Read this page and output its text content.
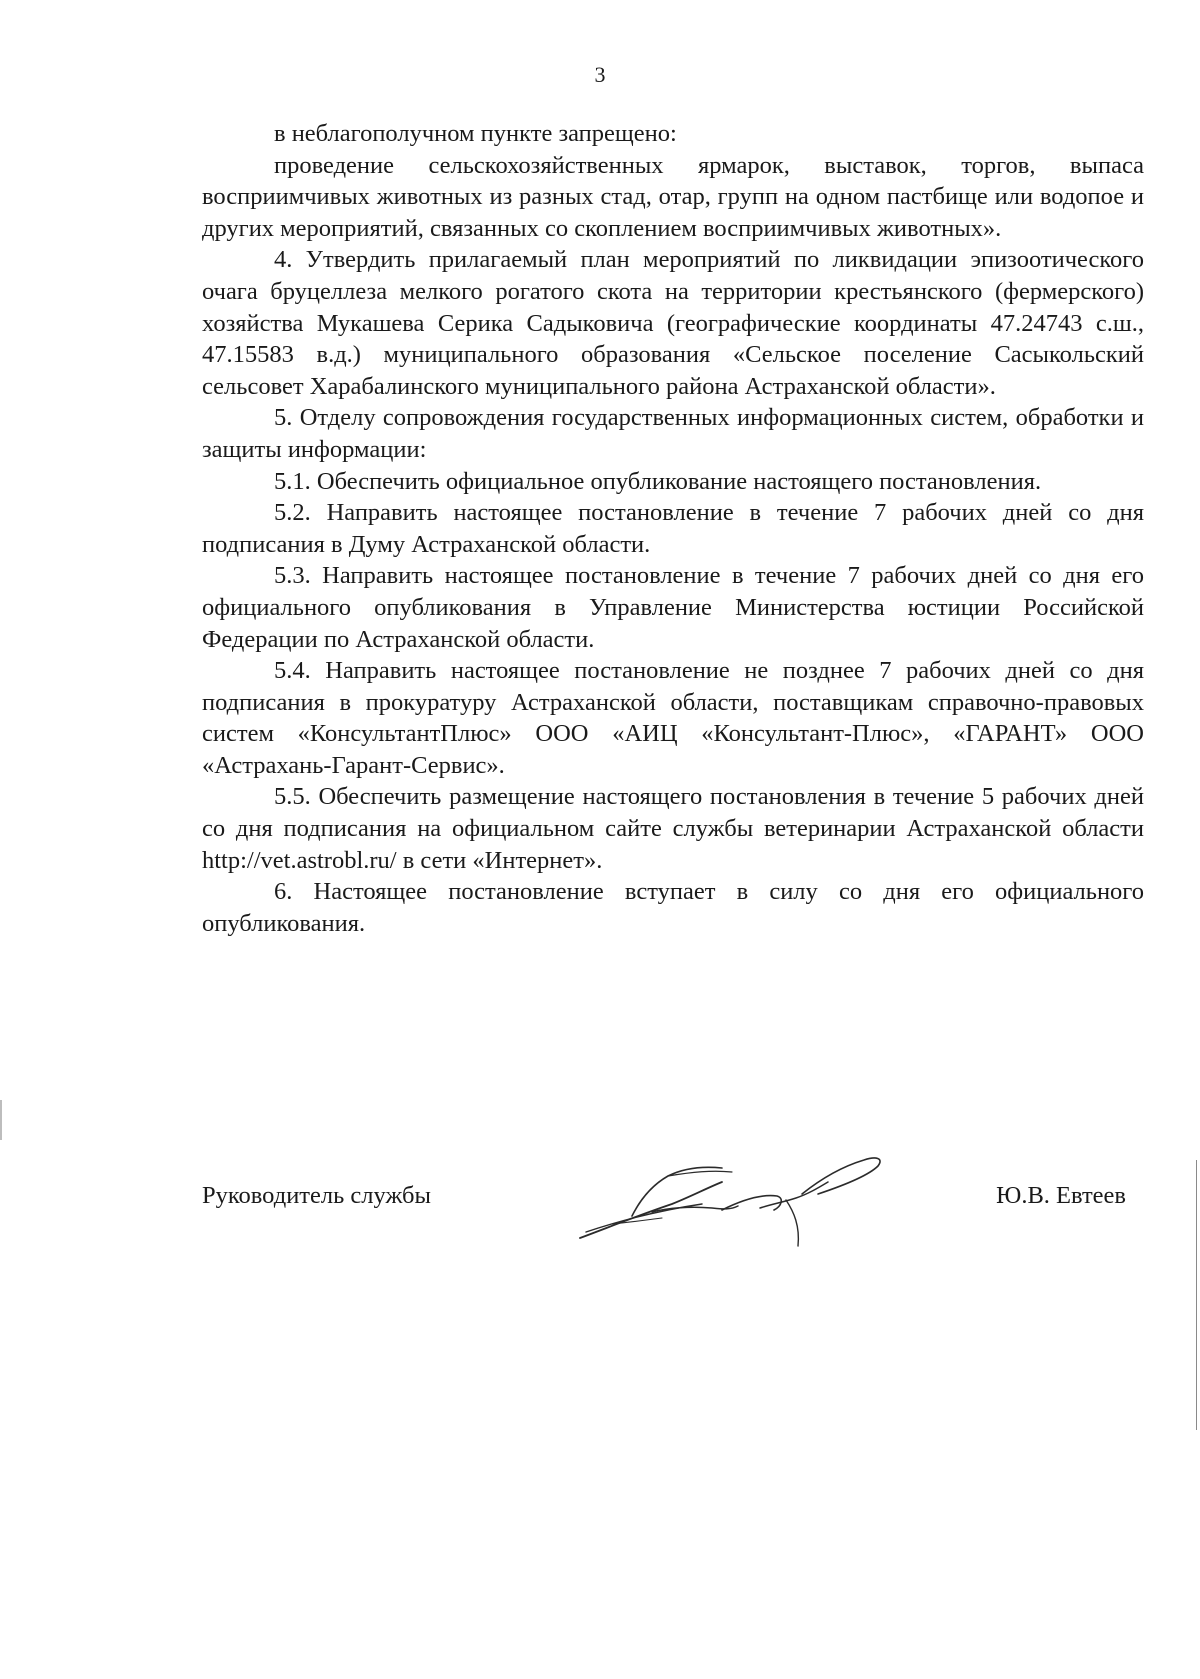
3

в неблагополучном пункте запрещено:

проведение сельскохозяйственных ярмарок, выставок, торгов, выпаса восприимчивых животных из разных стад, отар, групп на одном пастбище или водопое и других мероприятий, связанных со скоплением восприимчивых животных».

4. Утвердить прилагаемый план мероприятий по ликвидации эпизоотического очага бруцеллеза мелкого рогатого скота на территории крестьянского (фермерского) хозяйства Мукашева Серика Садыковича (географические координаты 47.24743 с.ш., 47.15583 в.д.) муниципального образования «Сельское поселение Сасыкольский сельсовет Харабалинского муниципального района Астраханской области».

5. Отделу сопровождения государственных информационных систем, обработки и защиты информации:

5.1. Обеспечить официальное опубликование настоящего постановления.

5.2. Направить настоящее постановление в течение 7 рабочих дней со дня подписания в Думу Астраханской области.

5.3. Направить настоящее постановление в течение 7 рабочих дней со дня его официального опубликования в Управление Министерства юстиции Российской Федерации по Астраханской области.

5.4. Направить настоящее постановление не позднее 7 рабочих дней со дня подписания в прокуратуру Астраханской области, поставщикам справочно-правовых систем «КонсультантПлюс» ООО «АИЦ «Консультант-Плюс», «ГАРАНТ» ООО «Астрахань-Гарант-Сервис».

5.5. Обеспечить размещение настоящего постановления в течение 5 рабочих дней со дня подписания на официальном сайте службы ветеринарии Астраханской области http://vet.astrobl.ru/ в сети «Интернет».

6. Настоящее постановление вступает в силу со дня его официального опубликования.

Руководитель службы	Ю.В. Евтеев
